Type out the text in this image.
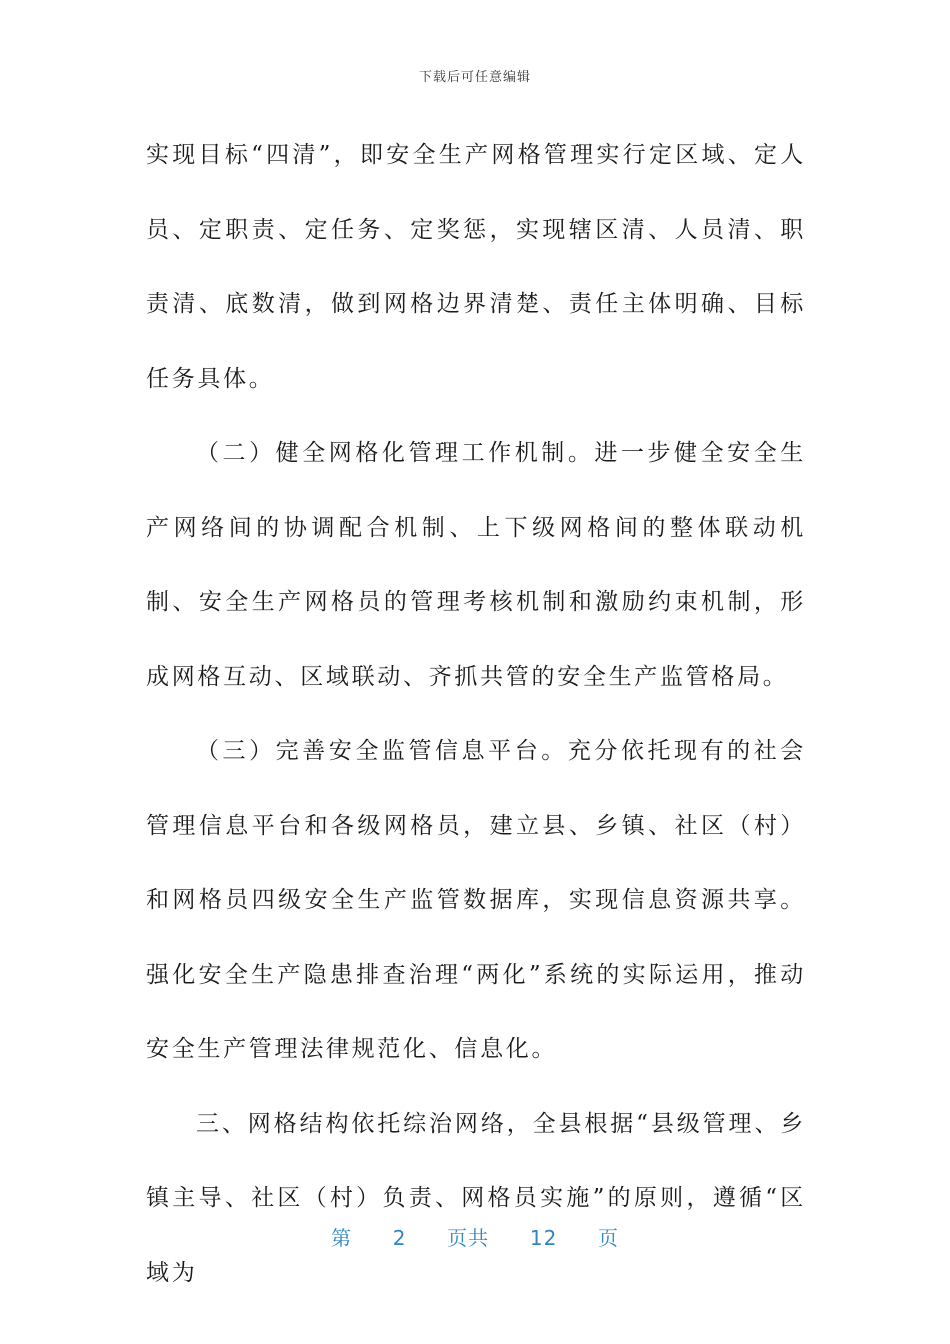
下载后可任意编辑

实现目标“四清”，即安全生产网格管理实行定区域、定人员、定职责、定任务、定奖惩，实现辖区清、人员清、职责清、底数清，做到网格边界清楚、责任主体明确、目标任务具体。

（二）健全网格化管理工作机制。进一步健全安全生产网络间的协调配合机制、上下级网格间的整体联动机制、安全生产网格员的管理考核机制和激励约束机制，形成网格互动、区域联动、齐抓共管的安全生产监管格局。

（三）完善安全监管信息平台。充分依托现有的社会管理信息平台和各级网格员，建立县、乡镇、社区（村）和网格员四级安全生产监管数据库，实现信息资源共享。强化安全生产隐患排查治理“两化”系统的实际运用，推动安全生产管理法律规范化、信息化。

三、网格结构依托综治网络，全县根据“县级管理、乡镇主导、社区（村）负责、网格员实施”的原则，遵循“区域为

第 2 页共 12 页
